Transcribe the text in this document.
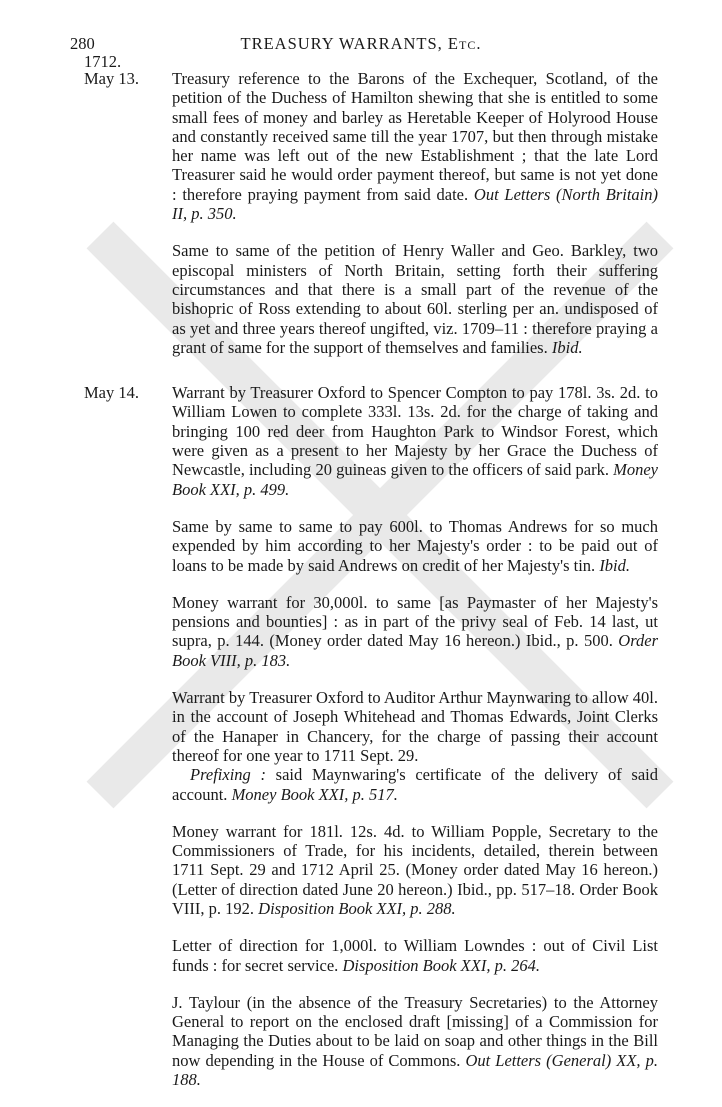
280	TREASURY WARRANTS, Etc.
1712.
May 13. Treasury reference to the Barons of the Exchequer, Scotland, of the petition of the Duchess of Hamilton shewing that she is entitled to some small fees of money and barley as Heretable Keeper of Holyrood House and constantly received same till the year 1707, but then through mistake her name was left out of the new Establishment ; that the late Lord Treasurer said he would order payment thereof, but same is not yet done : therefore praying payment from said date. Out Letters (North Britain) II, p. 350.
Same to same of the petition of Henry Waller and Geo. Barkley, two episcopal ministers of North Britain, setting forth their suffering circumstances and that there is a small part of the revenue of the bishopric of Ross extending to about 60l. sterling per an. undisposed of as yet and three years thereof ungifted, viz. 1709–11 : therefore praying a grant of same for the support of themselves and families. Ibid.
May 14. Warrant by Treasurer Oxford to Spencer Compton to pay 178l. 3s. 2d. to William Lowen to complete 333l. 13s. 2d. for the charge of taking and bringing 100 red deer from Haughton Park to Windsor Forest, which were given as a present to her Majesty by her Grace the Duchess of Newcastle, including 20 guineas given to the officers of said park. Money Book XXI, p. 499.
Same by same to same to pay 600l. to Thomas Andrews for so much expended by him according to her Majesty's order : to be paid out of loans to be made by said Andrews on credit of her Majesty's tin. Ibid.
Money warrant for 30,000l. to same [as Paymaster of her Majesty's pensions and bounties] : as in part of the privy seal of Feb. 14 last, ut supra, p. 144. (Money order dated May 16 hereon.) Ibid., p. 500. Order Book VIII, p. 183.
Warrant by Treasurer Oxford to Auditor Arthur Maynwaring to allow 40l. in the account of Joseph Whitehead and Thomas Edwards, Joint Clerks of the Hanaper in Chancery, for the charge of passing their account thereof for one year to 1711 Sept. 29.
Prefixing : said Maynwaring's certificate of the delivery of said account. Money Book XXI, p. 517.
Money warrant for 181l. 12s. 4d. to William Popple, Secretary to the Commissioners of Trade, for his incidents, detailed, therein between 1711 Sept. 29 and 1712 April 25. (Money order dated May 16 hereon.) (Letter of direction dated June 20 hereon.) Ibid., pp. 517–18. Order Book VIII, p. 192. Disposition Book XXI, p. 288.
Letter of direction for 1,000l. to William Lowndes : out of Civil List funds : for secret service. Disposition Book XXI, p. 264.
J. Taylour (in the absence of the Treasury Secretaries) to the Attorney General to report on the enclosed draft [missing] of a Commission for Managing the Duties about to be laid on soap and other things in the Bill now depending in the House of Commons. Out Letters (General) XX, p. 188.
